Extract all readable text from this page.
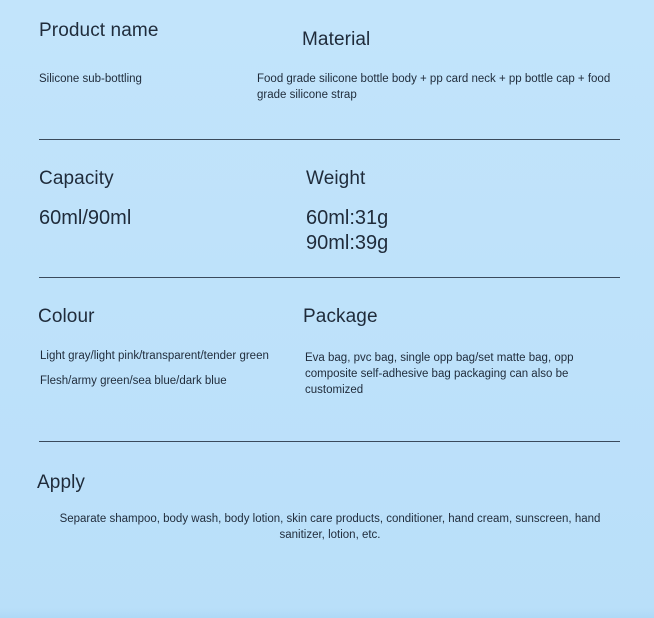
Product name
Silicone sub-bottling
Material
Food grade silicone bottle body + pp card neck + pp bottle cap + food grade silicone strap
Capacity
60ml/90ml
Weight
60ml:31g
90ml:39g
Colour
Light gray/light pink/transparent/tender green
Flesh/army green/sea blue/dark blue
Package
Eva bag, pvc bag, single opp bag/set matte bag, opp composite self-adhesive bag packaging can also be customized
Apply
Separate shampoo, body wash, body lotion, skin care products, conditioner, hand cream, sunscreen, hand sanitizer, lotion, etc.
